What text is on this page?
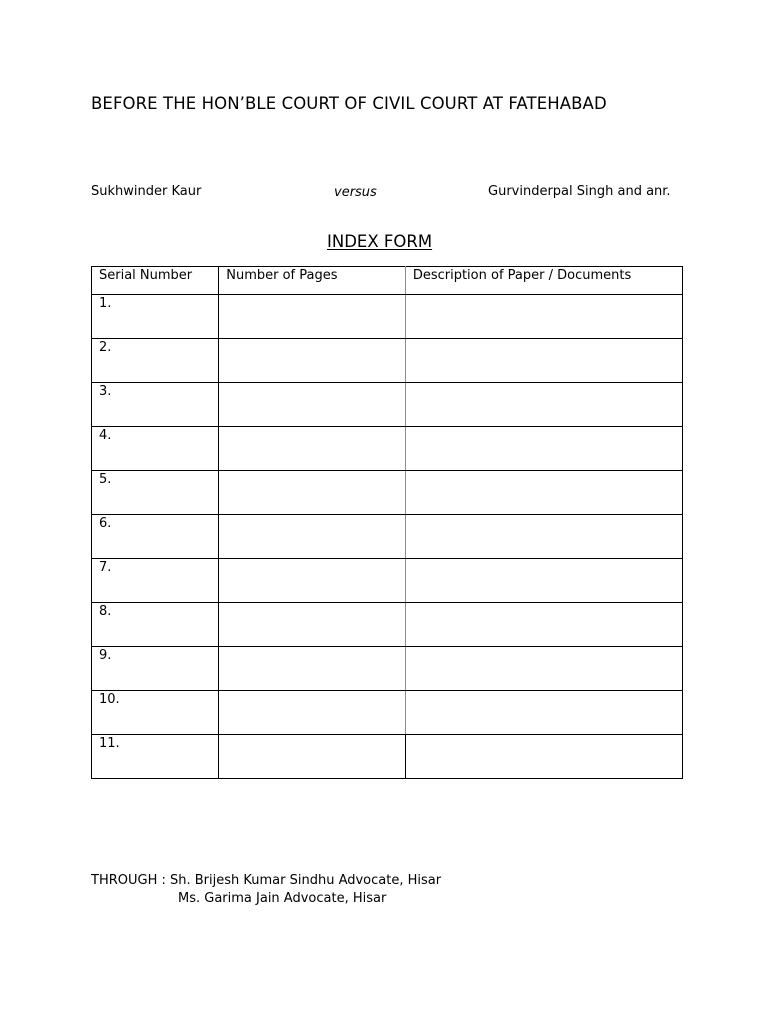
BEFORE THE HON’BLE COURT OF CIVIL COURT AT FATEHABAD
Sukhwinder Kaur	versus	Gurvinderpal Singh and anr.
INDEX FORM
Serial Number	Number of Pages	Description of Paper / Documents
1.		
2.		
3.		
4.		
5.		
6.		
7.		
8.		
9.		
10.		
11.		
THROUGH : Sh. Brijesh Kumar Sindhu Advocate, Hisar
Ms. Garima Jain Advocate, Hisar
